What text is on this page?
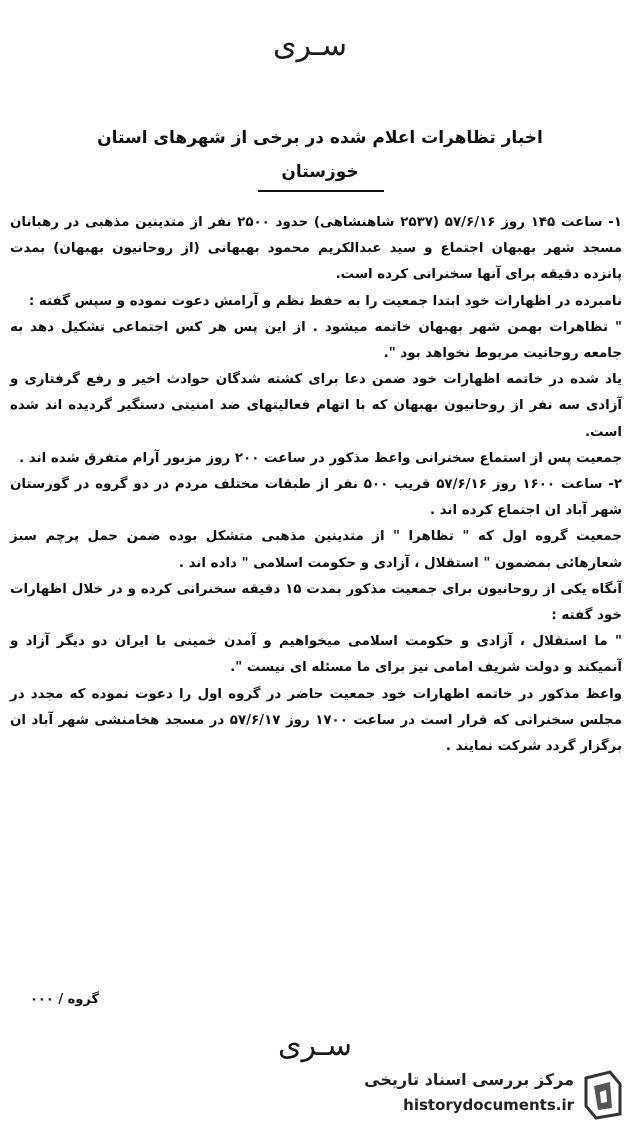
سـری
اخبار تظاهرات اعلام شده در برخی از شهرهای استان
خوزستان

۱- ساعت ۱۴۵ روز ۵۷/۶/۱۶ (۲۵۳۷ شاهنشاهی) حدود ۲۵۰۰ نفر از متدینین مذهبی در رهبانان مسجد شهر بهبهان اجتماع و سید عبدالکریم محمود بهبهانی (از روحانیون بهبهان) بمدت پانزده دقیقه برای آنها سخنرانی کرده است.

نامبرده در اظهارات خود ابتدا جمعیت را به حفظ نظم و آرامش دعوت نموده و سپس گفته :

" تظاهرات بهمن شهر بهبهان خاتمه میشود . از این پس هر کس اجتماعی تشکیل دهد به جامعه روحانیت مربوط نخواهد بود ".

یاد شده در خاتمه اظهارات خود ضمن دعا برای کشته شدگان حوادث اخیر و رفع گرفتاری و آزادی سه نفر از روحانیون بهبهان که با اتهام فعالیتهای ضد امنیتی دستگیر گردیده اند شده است.

جمعیت پس از استماع سخنرانی واعظ مذکور در ساعت ۲۰۰ روز مزبور آرام متفرق شده اند .

۲- ساعت ۱۶۰۰ روز ۵۷/۶/۱۶ قریب ۵۰۰ نفر از طبقات مختلف مردم در دو گروه در گورستان شهر آباد ان اجتماع کرده اند .

جمعیت گروه اول که " تظاهرا " از متدینین مذهبی متشکل بوده ضمن حمل پرچم سبز شعارهائی بمضمون " استقلال ، آزادی و حکومت اسلامی " داده اند .

آنگاه یکی از روحانیون برای جمعیت مذکور بمدت ۱۵ دقیقه سخنرانی کرده و در خلال اظهارات خود گفته :

" ما استقلال ، آزادی و حکومت اسلامی میخواهیم و آمدن خمینی با ایران دو دیگر آزاد و آنمیکند و دولت شریف امامی نیز برای ما مسئله ای نیست ".

واعظ مذکور در خاتمه اظهارات خود جمعیت حاضر در گروه اول را دعوت نموده که مجدد در مجلس سخنرانی که قرار است در ساعت ۱۷۰۰ روز ۵۷/۶/۱۷ در مسجد هخامنشی شهر آباد ان برگزار گردد شرکت نمایند .

گروه / ۰۰۰
سـری
مرکز بررسی اسناد تاریخی
historydocuments.ir
